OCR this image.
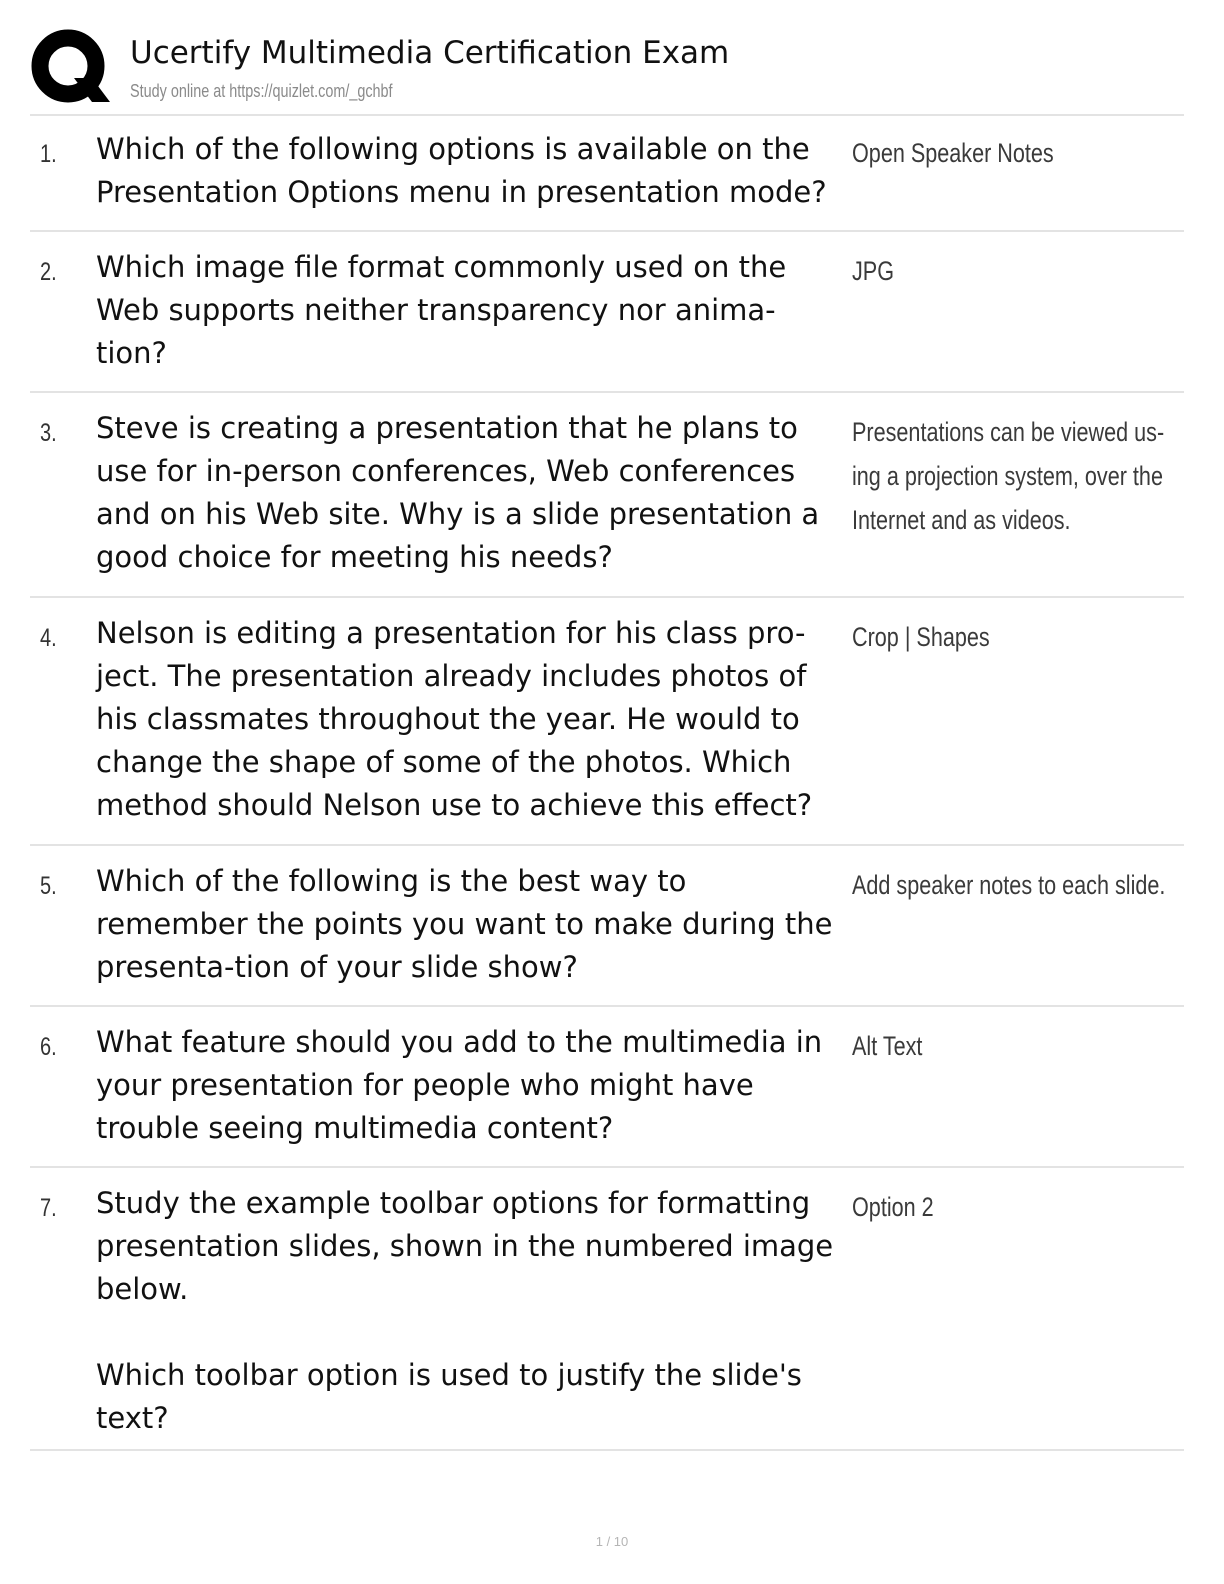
Ucertify Multimedia Certification Exam
Study online at https://quizlet.com/_gchbf
1. Which of the following options is available on the Presentation Options menu in presentation mode?
Open Speaker Notes
2. Which image file format commonly used on the Web supports neither transparency nor anima-tion?
JPG
3. Steve is creating a presentation that he plans to use for in-person conferences, Web conferences and on his Web site. Why is a slide presentation a good choice for meeting his needs?
Presentations can be viewed us-ing a projection system, over the Internet and as videos.
4. Nelson is editing a presentation for his class pro-ject. The presentation already includes photos of his classmates throughout the year. He would to change the shape of some of the photos. Which method should Nelson use to achieve this effect?
Crop | Shapes
5. Which of the following is the best way to remember the points you want to make during the presenta-tion of your slide show?
Add speaker notes to each slide.
6. What feature should you add to the multimedia in your presentation for people who might have trouble seeing multimedia content?
Alt Text
7. Study the example toolbar options for formatting presentation slides, shown in the numbered image below.

Which toolbar option is used to justify the slide's text?
Option 2
1 / 10
